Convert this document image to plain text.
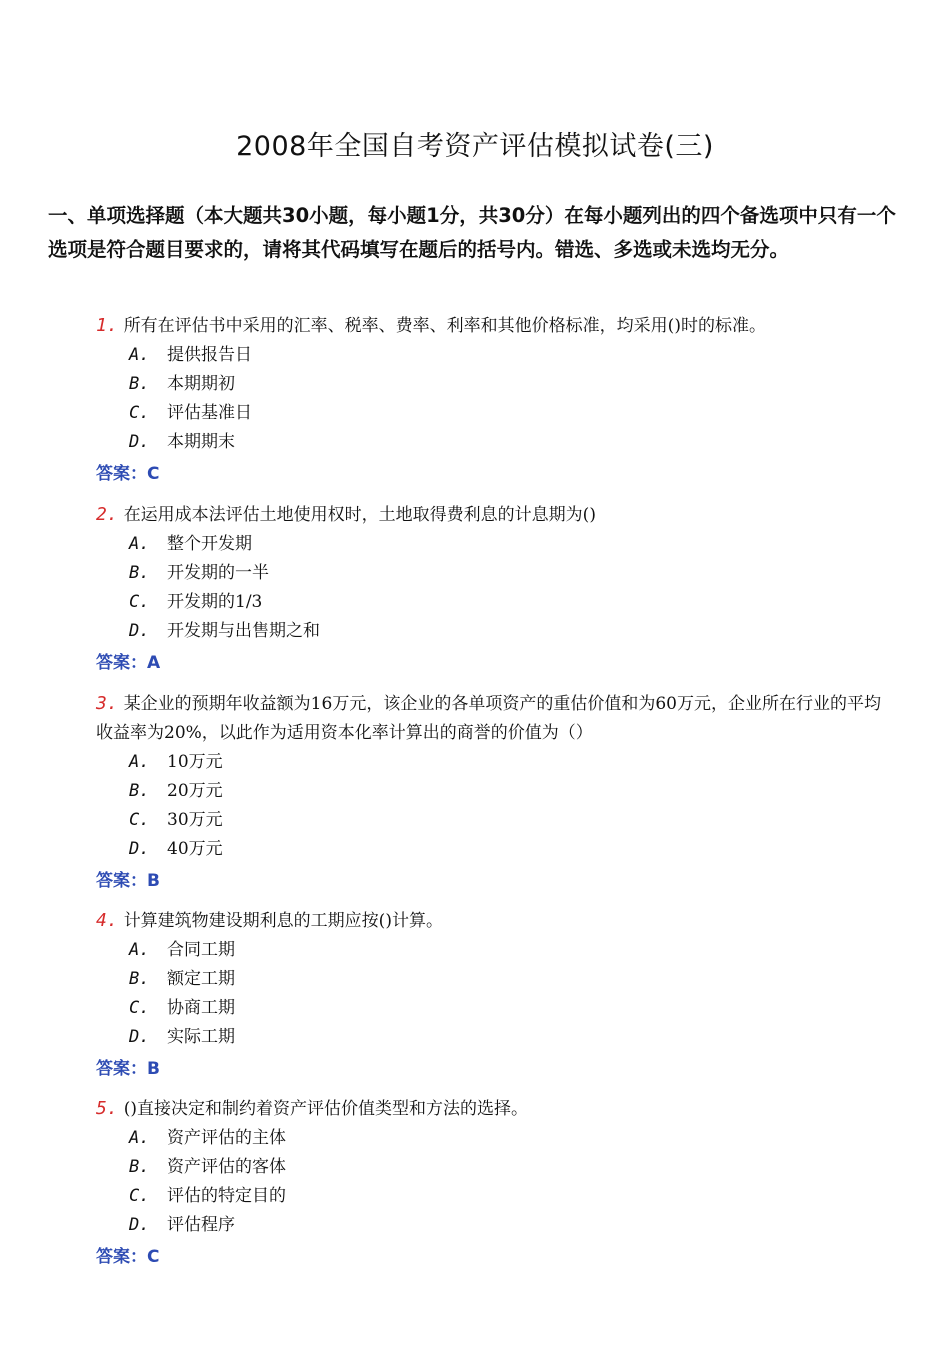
2008年全国自考资产评估模拟试卷(三)
一、单项选择题（本大题共30小题，每小题1分，共30分）在每小题列出的四个备选项中只有一个选项是符合题目要求的，请将其代码填写在题后的括号内。错选、多选或未选均无分。
1. 所有在评估书中采用的汇率、税率、费率、利率和其他价格标准，均采用()时的标准。
A. 提供报告日
B. 本期期初
C. 评估基准日
D. 本期期末
答案：C
2. 在运用成本法评估土地使用权时，土地取得费利息的计息期为()
A. 整个开发期
B. 开发期的一半
C. 开发期的1/3
D. 开发期与出售期之和
答案：A
3. 某企业的预期年收益额为16万元，该企业的各单项资产的重估价值和为60万元，企业所在行业的平均收益率为20%，以此作为适用资本化率计算出的商誉的价值为（）
A. 10万元
B. 20万元
C. 30万元
D. 40万元
答案：B
4. 计算建筑物建设期利息的工期应按()计算。
A. 合同工期
B. 额定工期
C. 协商工期
D. 实际工期
答案：B
5. ()直接决定和制约着资产评估价值类型和方法的选择。
A. 资产评估的主体
B. 资产评估的客体
C. 评估的特定目的
D. 评估程序
答案：C
